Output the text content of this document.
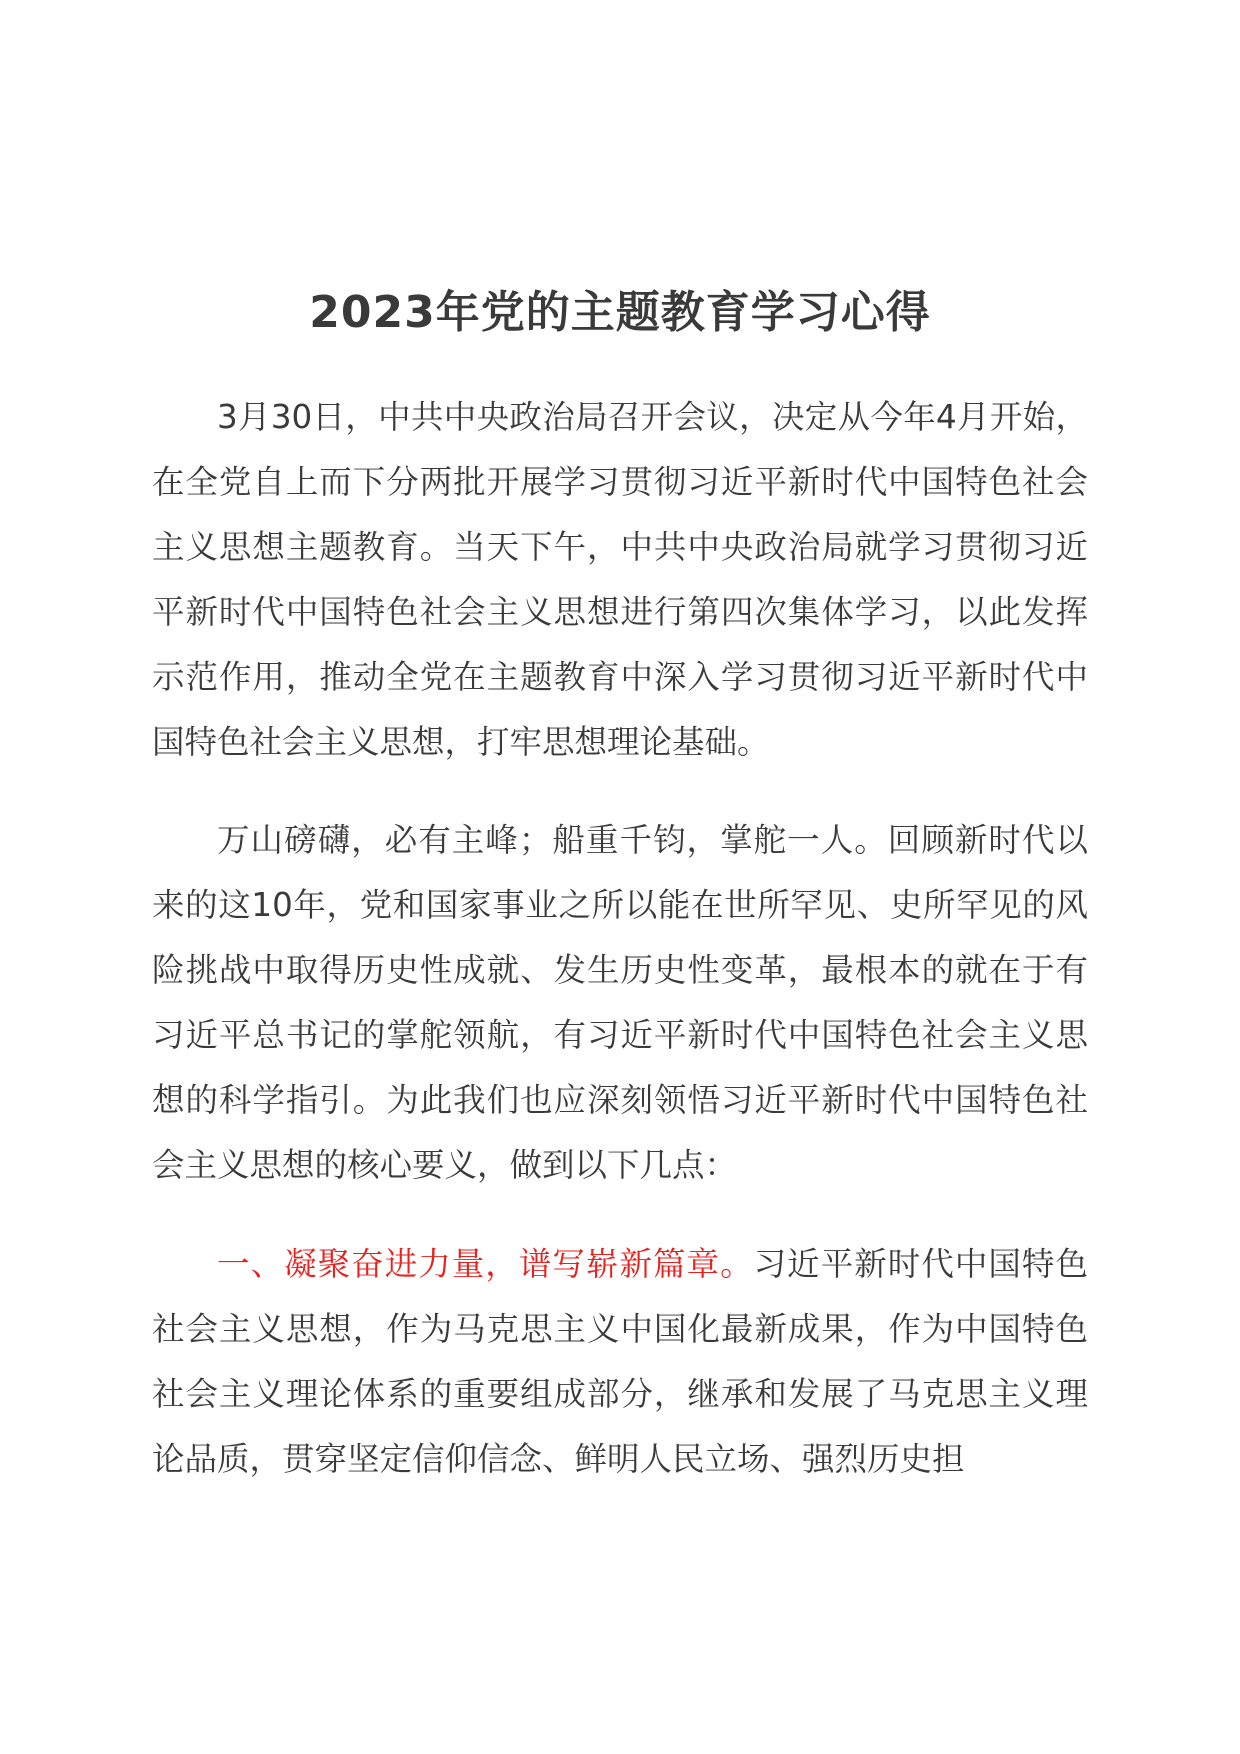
2023年党的主题教育学习心得

3月30日，中共中央政治局召开会议，决定从今年4月开始，在全党自上而下分两批开展学习贯彻习近平新时代中国特色社会主义思想主题教育。当天下午，中共中央政治局就学习贯彻习近平新时代中国特色社会主义思想进行第四次集体学习，以此发挥示范作用，推动全党在主题教育中深入学习贯彻习近平新时代中国特色社会主义思想，打牢思想理论基础。

万山磅礴，必有主峰；船重千钧，掌舵一人。回顾新时代以来的这10年，党和国家事业之所以能在世所罕见、史所罕见的风险挑战中取得历史性成就、发生历史性变革，最根本的就在于有习近平总书记的掌舵领航，有习近平新时代中国特色社会主义思想的科学指引。为此我们也应深刻领悟习近平新时代中国特色社会主义思想的核心要义，做到以下几点：

一、凝聚奋进力量，谱写崭新篇章。习近平新时代中国特色社会主义思想，作为马克思主义中国化最新成果，作为中国特色社会主义理论体系的重要组成部分，继承和发展了马克思主义理论品质，贯穿坚定信仰信念、鲜明人民立场、强烈历史担
